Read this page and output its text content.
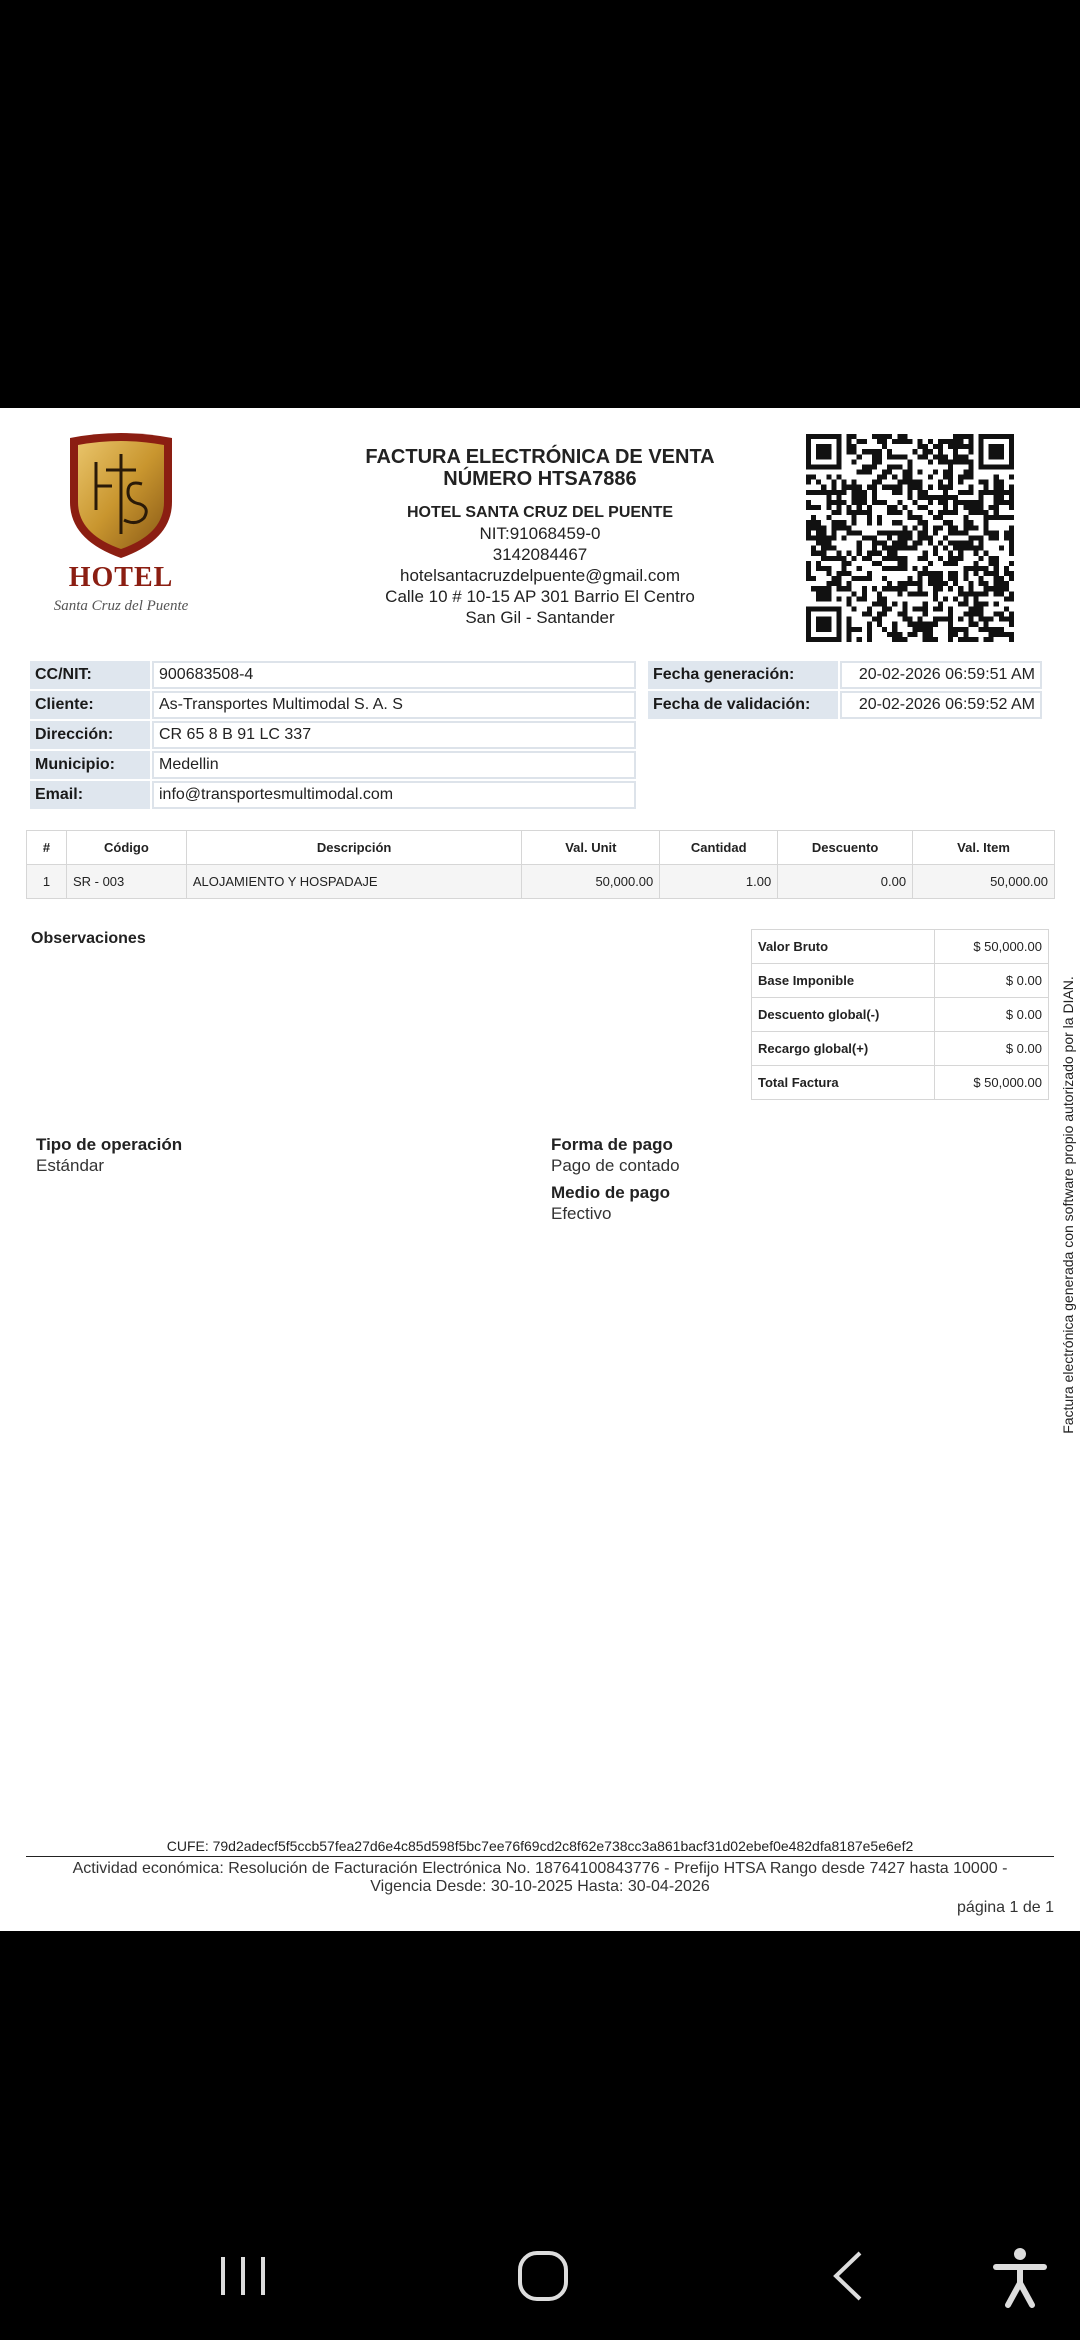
HOTEL
Santa Cruz del Puente
FACTURA ELECTRÓNICA DE VENTA
NÚMERO HTSA7886
HOTEL SANTA CRUZ DEL PUENTE
NIT:91068459-0
3142084467
hotelsantacruzdelpuente@gmail.com
Calle 10 # 10-15 AP 301 Barrio El Centro
San Gil - Santander
CC/NIT:	900683508-4
Cliente:	As-Transportes Multimodal S. A. S
Dirección:	CR 65 8 B 91 LC 337
Municipio:	Medellin
Email:	info@transportesmultimodal.com
Fecha generación:	20-02-2026 06:59:51 AM
Fecha de validación:	20-02-2026 06:59:52 AM
#	Código	Descripción	Val. Unit	Cantidad	Descuento	Val. Item
1	SR - 003	ALOJAMIENTO Y HOSPADAJE	50,000.00	1.00	0.00	50,000.00
Observaciones	Valor Bruto	$ 50,000.00
Base Imponible	$ 0.00
Descuento global(-)	$ 0.00
Recargo global(+)	$ 0.00
Total Factura	$ 50,000.00
Tipo de operación
Estándar
Forma de pago
Pago de contado
Medio de pago
Efectivo	Factura electrónica generada con software propio autorizado por la DIAN.
CUFE: 79d2adecf5f5ccb57fea27d6e4c85d598f5bc7ee76f69cd2c8f62e738cc3a861bacf31d02ebef0e482dfa8187e5e6ef2
Actividad económica: Resolución de Facturación Electrónica No. 18764100843776 - Prefijo HTSA Rango desde 7427 hasta 10000 -
Vigencia Desde: 30-10-2025 Hasta: 30-04-2026
página 1 de 1
